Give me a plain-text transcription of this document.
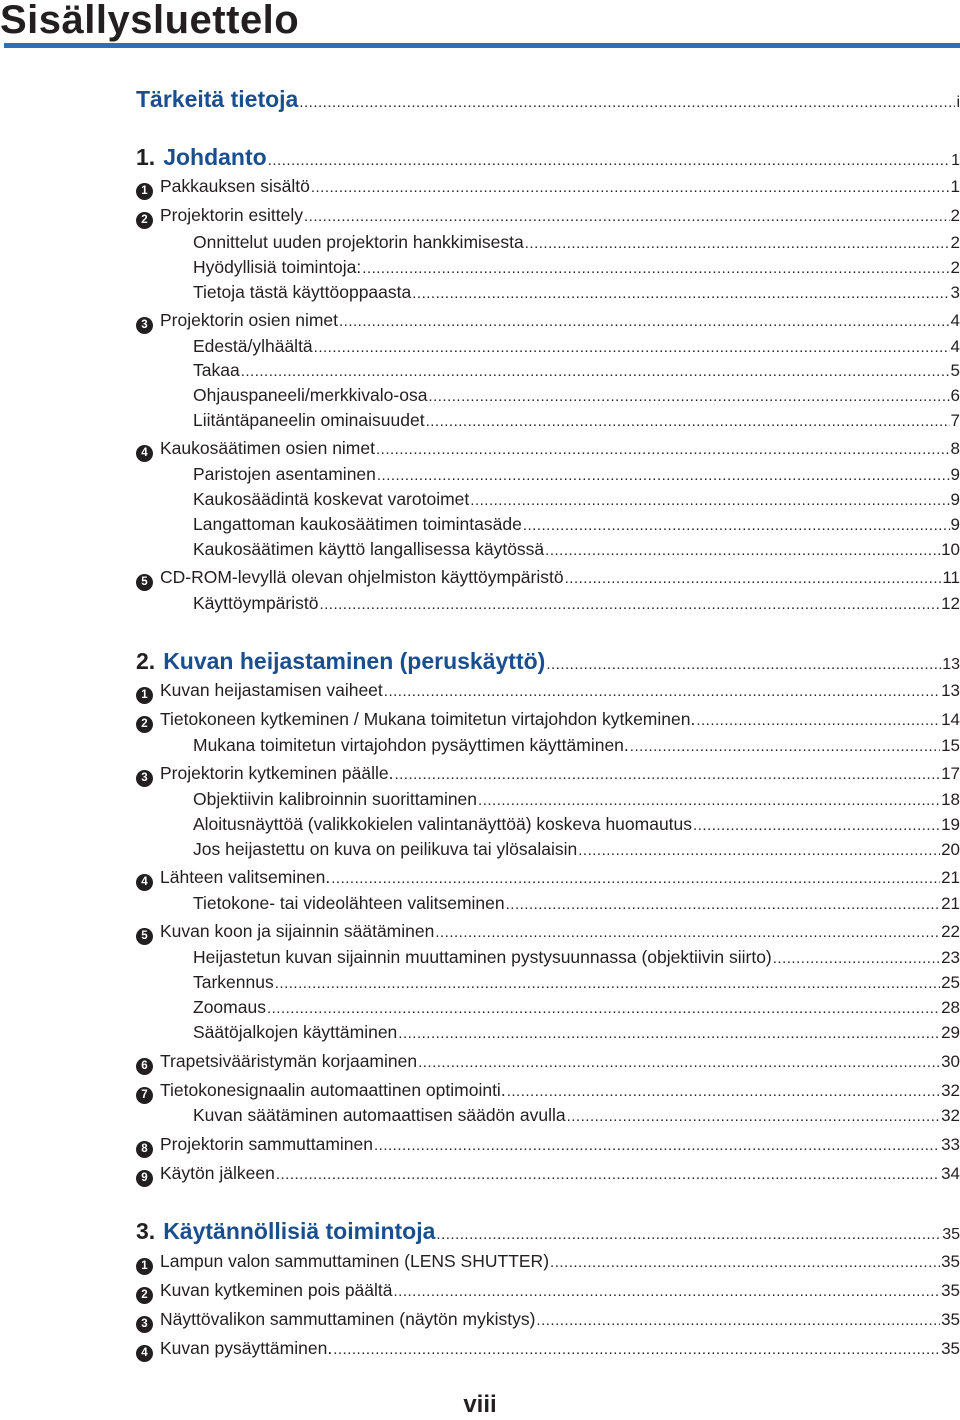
Sisällysluettelo
Tärkeitä tietoja .....	i
1. Johdanto .....	1
1 Pakkauksen sisältö .....	1
2 Projektorin esittely .....	2
Onnittelut uuden projektorin hankkimisesta .....	2
Hyödyllisiä toimintoja: .....	2
Tietoja tästä käyttöoppaasta .....	3
3 Projektorin osien nimet .....	4
Edestä/ylhäältä .....	4
Takaa .....	5
Ohjauspaneeli/merkkivalo-osa .....	6
Liitäntäpaneelin ominaisuudet .....	7
4 Kaukosäätimen osien nimet .....	8
Paristojen asentaminen .....	9
Kaukosäädintä koskevat varotoimet .....	9
Langattoman kaukosäätimen toimintasäde .....	9
Kaukosäätimen käyttö langallisessa käytössä .....	10
5 CD-ROM-levyllä olevan ohjelmiston käyttöympäristö .....	11
Käyttöympäristö .....	12
2. Kuvan heijastaminen (peruskäyttö) .....	13
1 Kuvan heijastamisen vaiheet .....	13
2 Tietokoneen kytkeminen / Mukana toimitetun virtajohdon kytkeminen. .....	14
Mukana toimitetun virtajohdon pysäyttimen käyttäminen. .....	15
3 Projektorin kytkeminen päälle. .....	17
Objektiivin kalibroinnin suorittaminen .....	18
Aloitusnäyttöä (valikkokielen valintanäyttöä) koskeva huomautus .....	19
Jos heijastettu on kuva on peilikuva tai ylösalaisin .....	20
4 Lähteen valitseminen. .....	21
Tietokone- tai videolähteen valitseminen .....	21
5 Kuvan koon ja sijainnin säätäminen .....	22
Heijastetun kuvan sijainnin muuttaminen pystysuunnassa (objektiivin siirto) .....	23
Tarkennus .....	25
Zoomaus .....	28
Säätöjalkojen käyttäminen .....	29
6 Trapetsivääristymän korjaaminen .....	30
7 Tietokonesignaalin automaattinen optimointi. .....	32
Kuvan säätäminen automaattisen säädön avulla .....	32
8 Projektorin sammuttaminen .....	33
9 Käytön jälkeen .....	34
3. Käytännöllisiä toimintoja .....	35
1 Lampun valon sammuttaminen (LENS SHUTTER) .....	35
2 Kuvan kytkeminen pois päältä .....	35
3 Näyttövalikon sammuttaminen (näytön mykistys) .....	35
4 Kuvan pysäyttäminen. .....	35
viii
